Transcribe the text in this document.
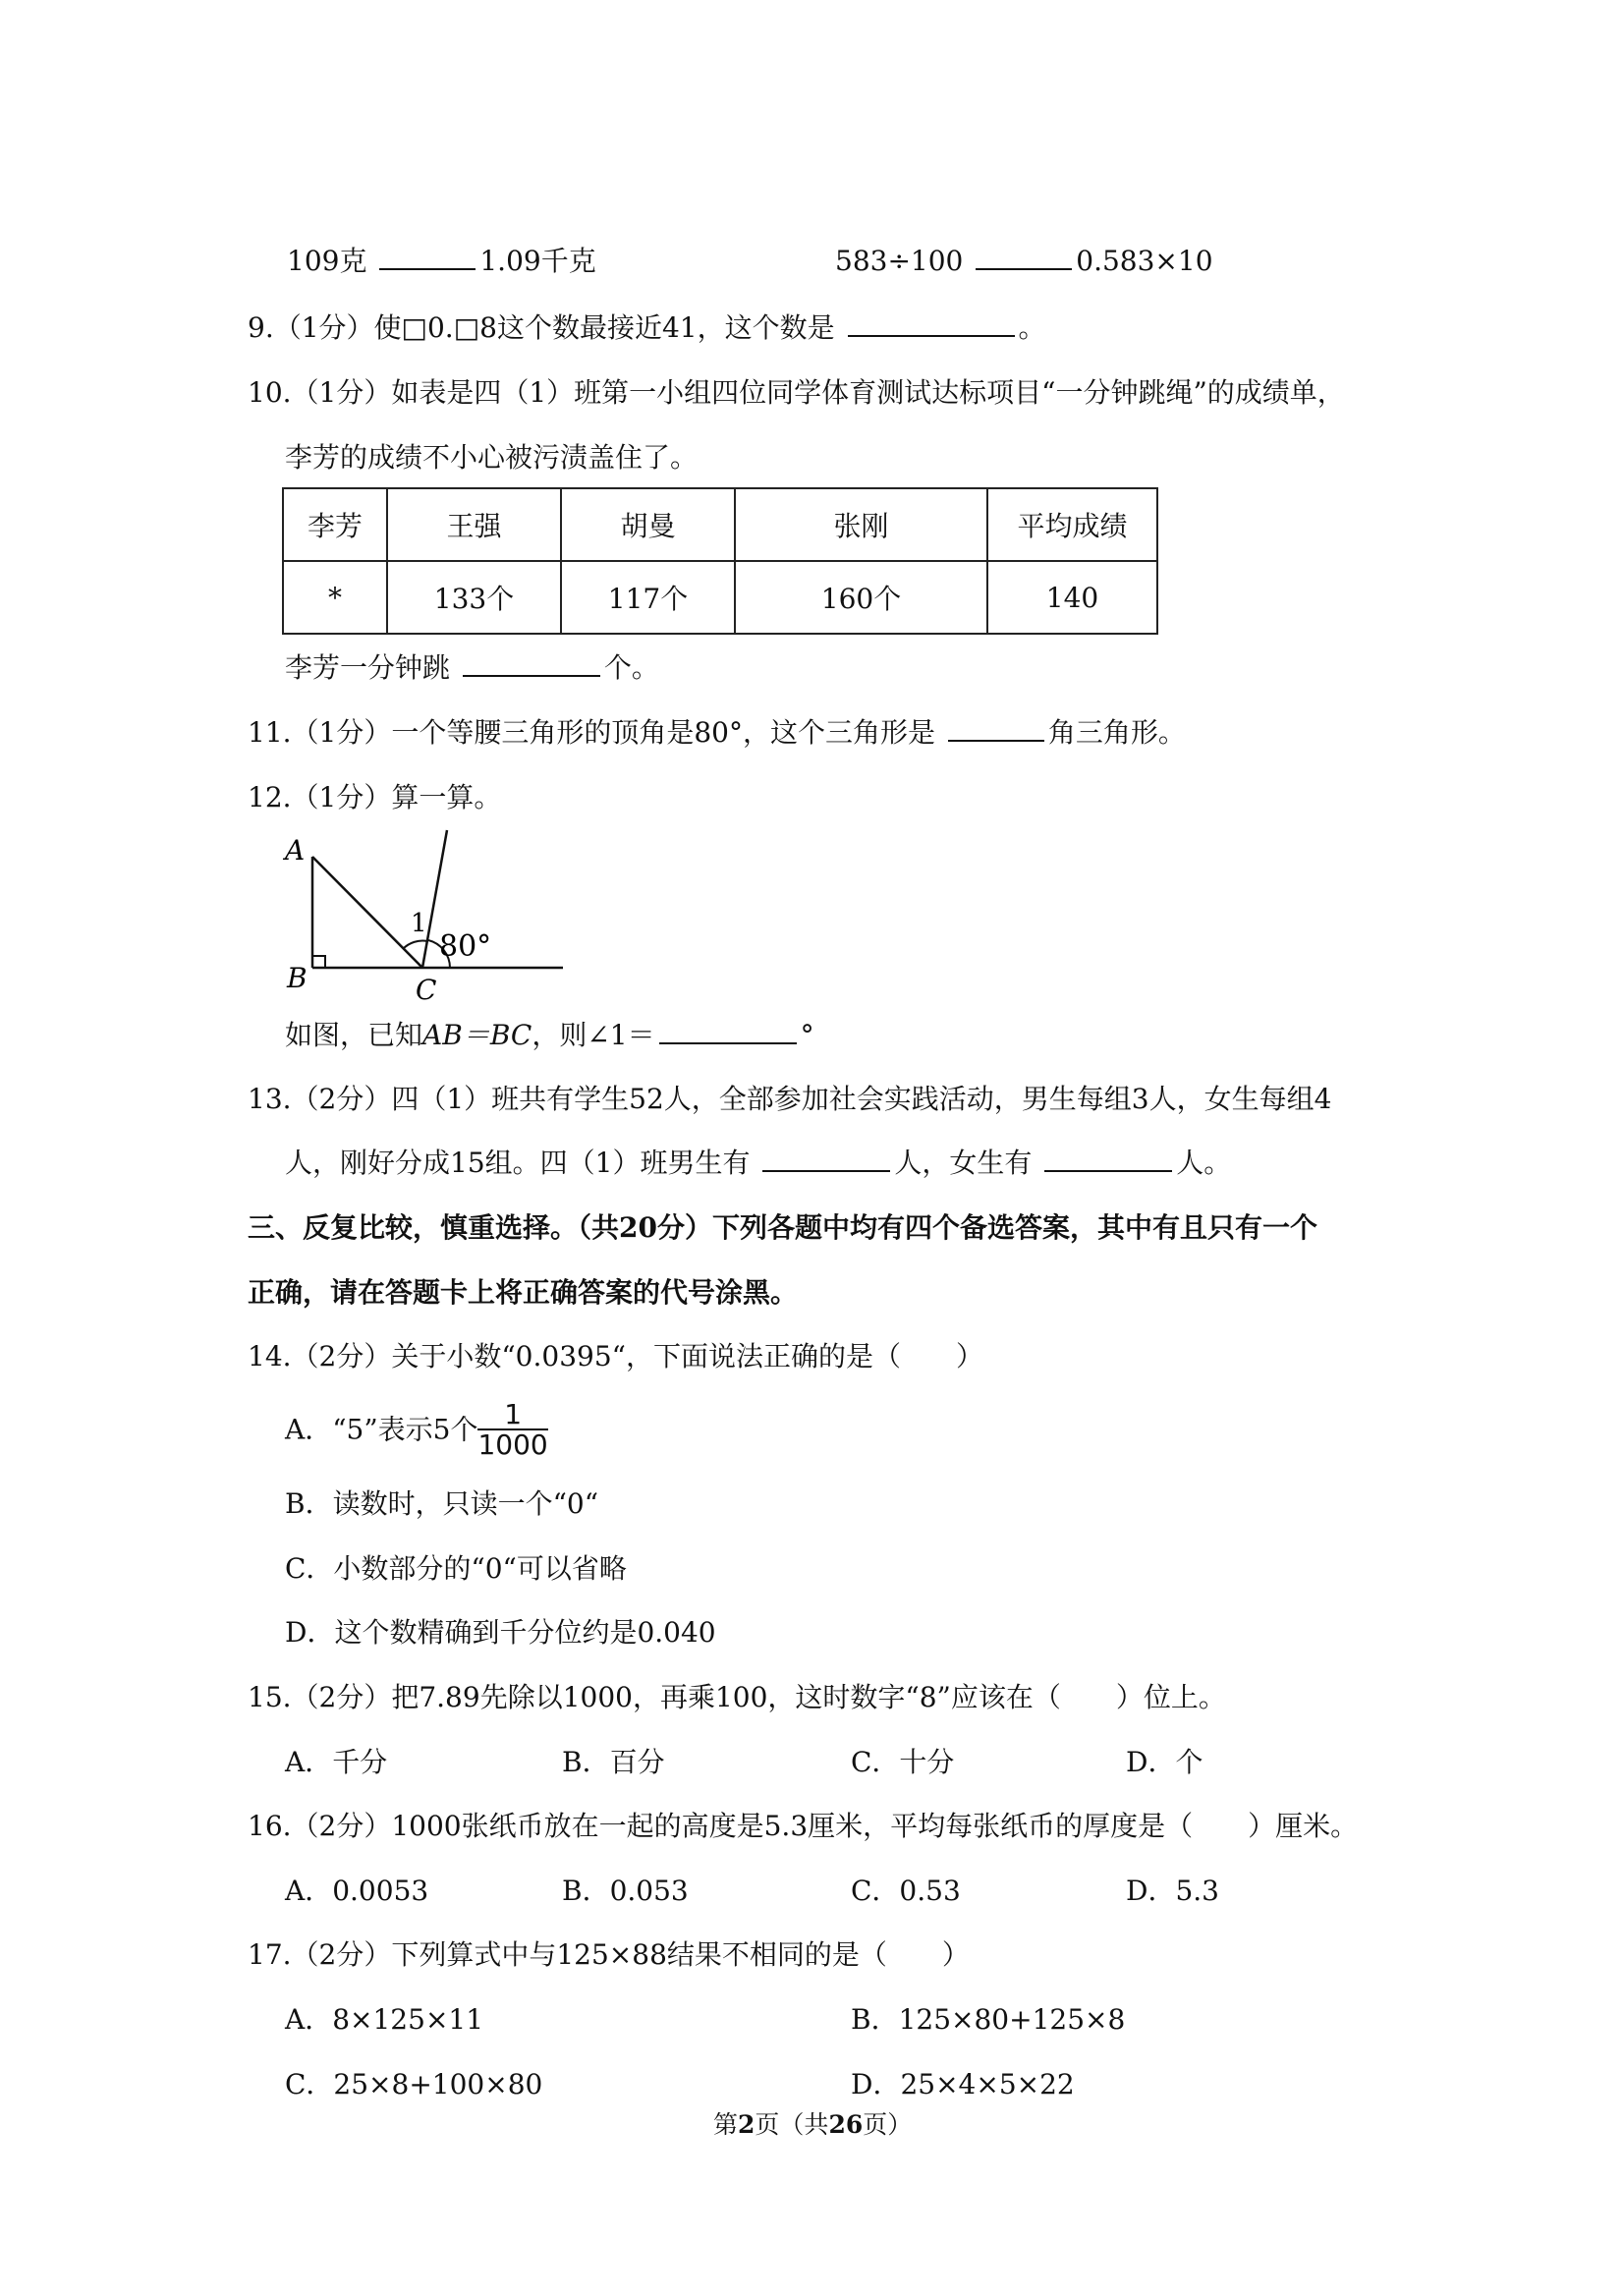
109克	1.09千克	583÷100	0.583×10
9.（1分）使□0.□8这个数最接近41，这个数是	。
10.（1分）如表是四（1）班第一小组四位同学体育测试达标项目“一分钟跳绳”的成绩单，
李芳的成绩不小心被污渍盖住了。
李芳	王强	胡曼	张刚	平均成绩
*	133个	117个	160个	140
李芳一分钟跳	个。
11.（1分）一个等腰三角形的顶角是80°，这个三角形是	角三角形。
12.（1分）算一算。
A
B	C
1
80°
如图，已知AB＝BC，则∠1＝	°
13.（2分）四（1）班共有学生52人，全部参加社会实践活动，男生每组3人，女生每组4
人，刚好分成15组。四（1）班男生有	人，女生有	人。
三、反复比较，慎重选择。（共20分）下列各题中均有四个备选答案，其中有且只有一个
正确，请在答题卡上将正确答案的代号涂黑。
14.（2分）关于小数“0.0395“，下面说法正确的是（　　）
A．“5”表示5个 $\frac{1}{1000}$
B．读数时，只读一个“0“
C．小数部分的“0“可以省略
D．这个数精确到千分位约是0.040
15.（2分）把7.89先除以1000，再乘100，这时数字“8”应该在（　　）位上。
A．千分	B．百分	C．十分	D．个
16.（2分）1000张纸币放在一起的高度是5.3厘米，平均每张纸币的厚度是（　　）厘米。
A．0.0053	B．0.053	C．0.53	D．5.3
17.（2分）下列算式中与125×88结果不相同的是（　　）
A．8×125×11	B．125×80+125×8
C．25×8+100×80	D．25×4×5×22
第2页（共26页）
